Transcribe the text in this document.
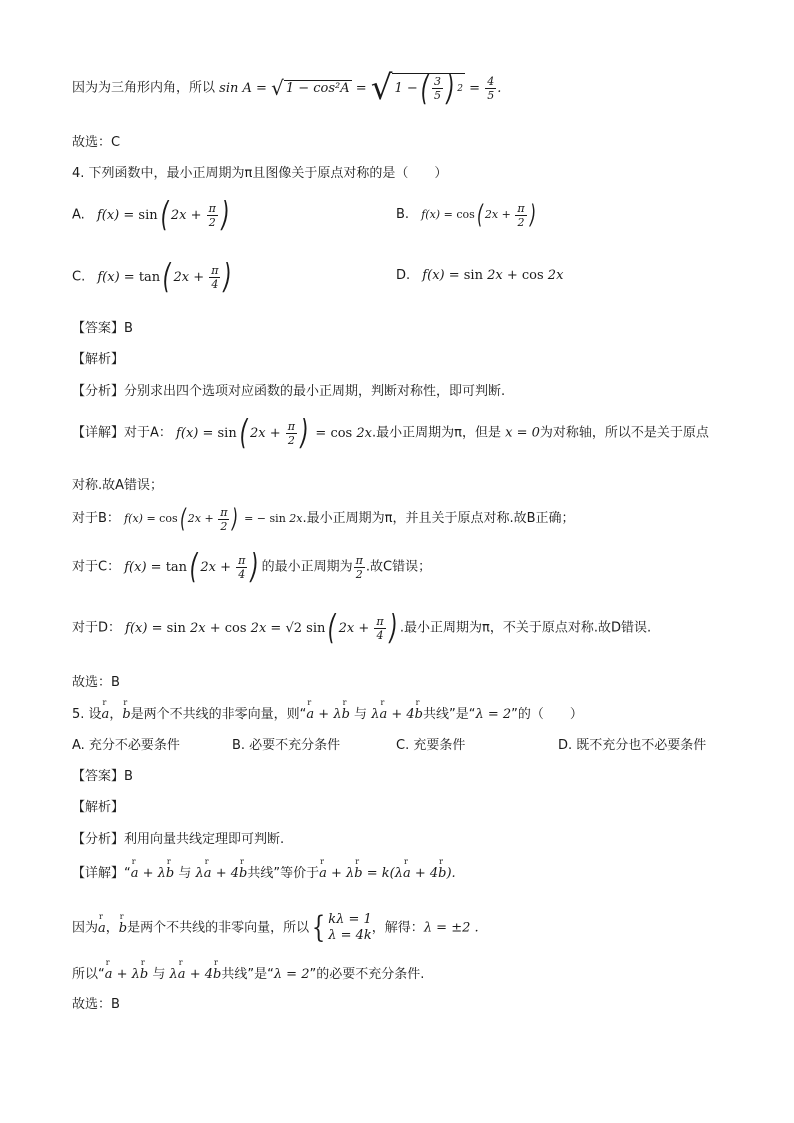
因为为三角形内角，所以 sin A = √ 1 − cos² A = √ 1 − ( $\frac{3}{5}$ ) $2 = \frac{4}{5}$ .
故选：C
4. 下列函数中，最小正周期为π且图像关于原点对称的是（　　）
A. f(x) = sin( $2x + \frac{\pi}{2}$ )	B. f(x) = cos( $2x + \frac{\pi}{2}$ )
C. f(x) = tan( $2x + \frac{\pi}{4}$ )	D. f(x) = sin 2x + cos 2x
【答案】B
【解析】
【分析】分别求出四个选项对应函数的最小正周期，判断对称性，即可判断.
【详解】对于A： f(x) = sin( $2x + \frac{\pi}{2}$ ) = cos 2x.最小正周期为π，但是 x = 0为对称轴，所以不是关于原点
对称.故A错误；
对于B： f(x) = cos( $2x + \frac{\pi}{2}$ ) = − sin 2x.最小正周期为π，并且关于原点对称.故B正确；
对于C： f(x) = tan( $2x + \frac{\pi}{4}$ ) 的最小正周期为 $\frac{\pi}{2}$ .故C错误；
对于D： f(x) = sin 2x + cos 2x = √2 sin( $2x + \frac{\pi}{4}$ ) .最小正周期为π，不关于原点对称.故D错误.
故选：B
5. 设r a，r b是两个不共线的非零向量，则“r a + λr b 与 λr a + 4r b共线”是“λ = 2”的（　　）
A. 充分不必要条件	B. 必要不充分条件	C. 充要条件	D. 既不充分也不必要条件
【答案】B
【解析】
【分析】利用向量共线定理即可判断.
【详解】“r a + λr b 与 λr a + 4r b共线”等价于r a + λr b = k(λr a + 4r b).
因为r a，r b是两个不共线的非零向量，所以 { kλ = 1
λ = 4k ，解得：λ = ±2 .
所以“r a + λr b 与 λr a + 4r b共线”是“λ = 2”的必要不充分条件.
故选：B
